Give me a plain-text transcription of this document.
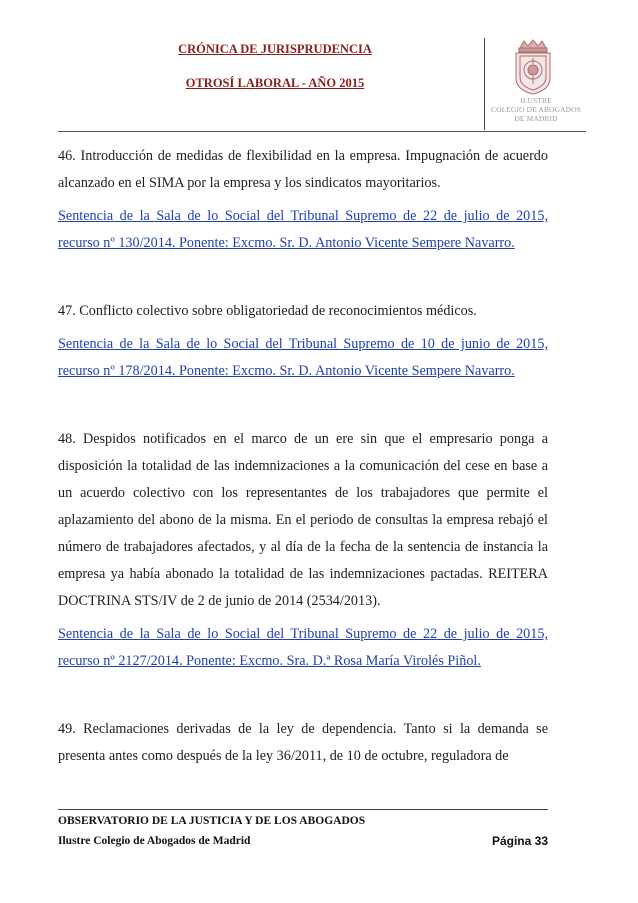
CRÓNICA DE JURISPRUDENCIA
OTROSÍ LABORAL - AÑO 2015
ILUSTRE
COLEGIO DE ABOGADOS
DE MADRID

46. Introducción de medidas de flexibilidad en la empresa. Impugnación de acuerdo alcanzado en el SIMA por la empresa y los sindicatos mayoritarios.

Sentencia de la Sala de lo Social del Tribunal Supremo de 22 de julio de 2015, recurso nº 130/2014. Ponente: Excmo. Sr. D. Antonio Vicente Sempere Navarro.

47. Conflicto colectivo sobre obligatoriedad de reconocimientos médicos.

Sentencia de la Sala de lo Social del Tribunal Supremo de 10 de junio de 2015, recurso nº 178/2014. Ponente: Excmo. Sr. D. Antonio Vicente Sempere Navarro.

48. Despidos notificados en el marco de un ere sin que el empresario ponga a disposición la totalidad de las indemnizaciones a la comunicación del cese en base a un acuerdo colectivo con los representantes de los trabajadores que permite el aplazamiento del abono de la misma. En el periodo de consultas la empresa rebajó el número de trabajadores afectados, y al día de la fecha de la sentencia de instancia la empresa ya había abonado la totalidad de las indemnizaciones pactadas. REITERA DOCTRINA STS/IV de 2 de junio de 2014 (2534/2013).

Sentencia de la Sala de lo Social del Tribunal Supremo de 22 de julio de 2015, recurso nº 2127/2014. Ponente: Excmo. Sra. D.ª Rosa María Virolés Piñol.

49. Reclamaciones derivadas de la ley de dependencia. Tanto si la demanda se presenta antes como después de la ley 36/2011, de 10 de octubre, reguladora de

OBSERVATORIO DE LA JUSTICIA Y DE LOS ABOGADOS
Ilustre Colegio de Abogados de Madrid	Página 33
